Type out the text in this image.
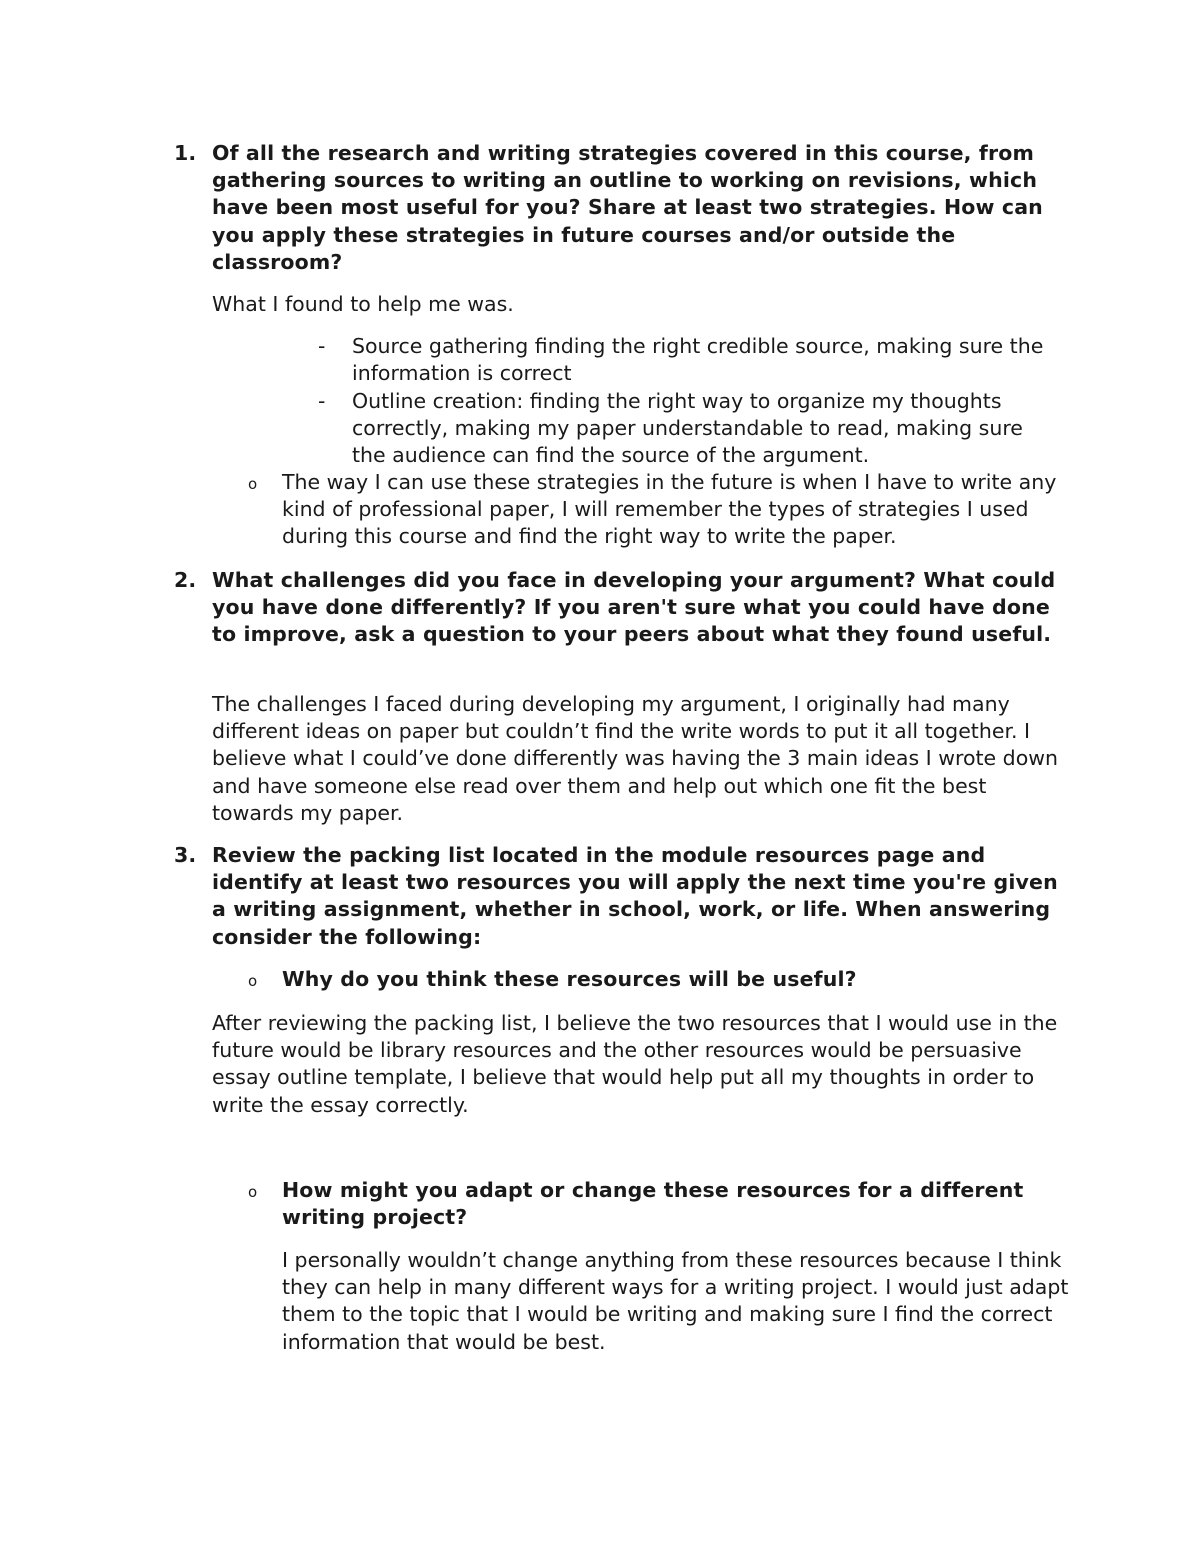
1. Of all the research and writing strategies covered in this course, from gathering sources to writing an outline to working on revisions, which have been most useful for you? Share at least two strategies. How can you apply these strategies in future courses and/or outside the classroom?
What I found to help me was.
- Source gathering finding the right credible source, making sure the information is correct
- Outline creation: finding the right way to organize my thoughts correctly, making my paper understandable to read, making sure the audience can find the source of the argument.
o The way I can use these strategies in the future is when I have to write any kind of professional paper, I will remember the types of strategies I used during this course and find the right way to write the paper.
2. What challenges did you face in developing your argument? What could you have done differently? If you aren't sure what you could have done to improve, ask a question to your peers about what they found useful.
The challenges I faced during developing my argument, I originally had many different ideas on paper but couldn’t find the write words to put it all together. I believe what I could’ve done differently was having the 3 main ideas I wrote down and have someone else read over them and help out which one fit the best towards my paper.
3. Review the packing list located in the module resources page and identify at least two resources you will apply the next time you're given a writing assignment, whether in school, work, or life. When answering consider the following:
o Why do you think these resources will be useful?
After reviewing the packing list, I believe the two resources that I would use in the future would be library resources and the other resources would be persuasive essay outline template, I believe that would help put all my thoughts in order to write the essay correctly.
o How might you adapt or change these resources for a different writing project?
I personally wouldn’t change anything from these resources because I think they can help in many different ways for a writing project. I would just adapt them to the topic that I would be writing and making sure I find the correct information that would be best.
